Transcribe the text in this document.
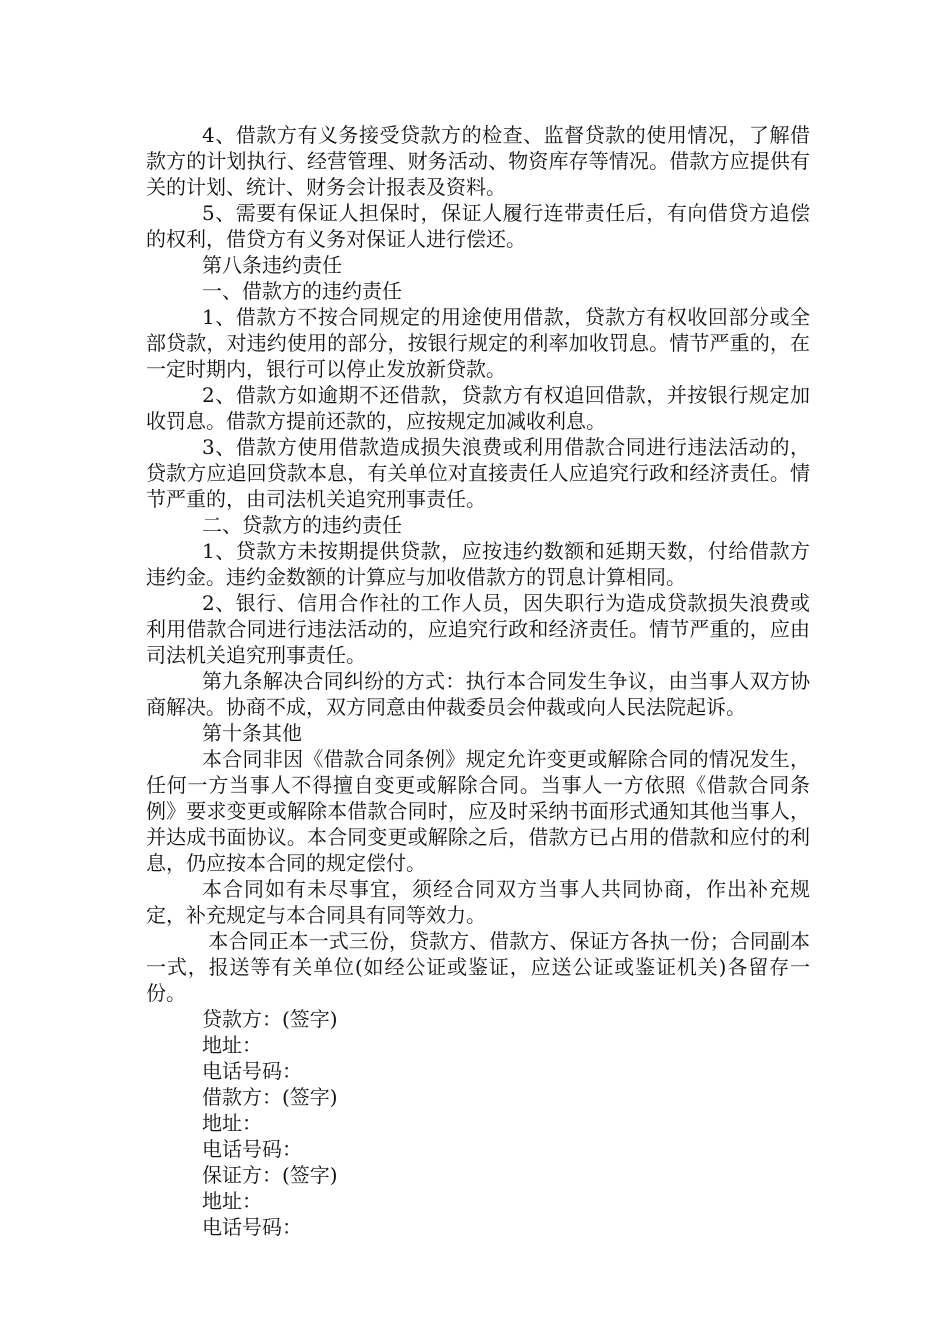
4、借款方有义务接受贷款方的检查、监督贷款的使用情况，了解借款方的计划执行、经营管理、财务活动、物资库存等情况。借款方应提供有关的计划、统计、财务会计报表及资料。

5、需要有保证人担保时，保证人履行连带责任后，有向借贷方追偿的权利，借贷方有义务对保证人进行偿还。

第八条违约责任

一、借款方的违约责任

1、借款方不按合同规定的用途使用借款，贷款方有权收回部分或全部贷款，对违约使用的部分，按银行规定的利率加收罚息。情节严重的，在一定时期内，银行可以停止发放新贷款。

2、借款方如逾期不还借款，贷款方有权追回借款，并按银行规定加收罚息。借款方提前还款的，应按规定加减收利息。

3、借款方使用借款造成损失浪费或利用借款合同进行违法活动的，贷款方应追回贷款本息，有关单位对直接责任人应追究行政和经济责任。情节严重的，由司法机关追究刑事责任。

二、贷款方的违约责任

1、贷款方未按期提供贷款，应按违约数额和延期天数，付给借款方违约金。违约金数额的计算应与加收借款方的罚息计算相同。

2、银行、信用合作社的工作人员，因失职行为造成贷款损失浪费或利用借款合同进行违法活动的，应追究行政和经济责任。情节严重的，应由司法机关追究刑事责任。

第九条解决合同纠纷的方式：执行本合同发生争议，由当事人双方协商解决。协商不成，双方同意由仲裁委员会仲裁或向人民法院起诉。

第十条其他

本合同非因《借款合同条例》规定允许变更或解除合同的情况发生，任何一方当事人不得擅自变更或解除合同。当事人一方依照《借款合同条例》要求变更或解除本借款合同时，应及时采纳书面形式通知其他当事人，并达成书面协议。本合同变更或解除之后，借款方已占用的借款和应付的利息，仍应按本合同的规定偿付。

本合同如有未尽事宜，须经合同双方当事人共同协商，作出补充规定，补充规定与本合同具有同等效力。

本合同正本一式三份，贷款方、借款方、保证方各执一份；合同副本一式，报送等有关单位(如经公证或鉴证，应送公证或鉴证机关)各留存一份。

贷款方：(签字)

地址：

电话号码：

借款方：(签字)

地址：

电话号码：

保证方：(签字)

地址：

电话号码：
